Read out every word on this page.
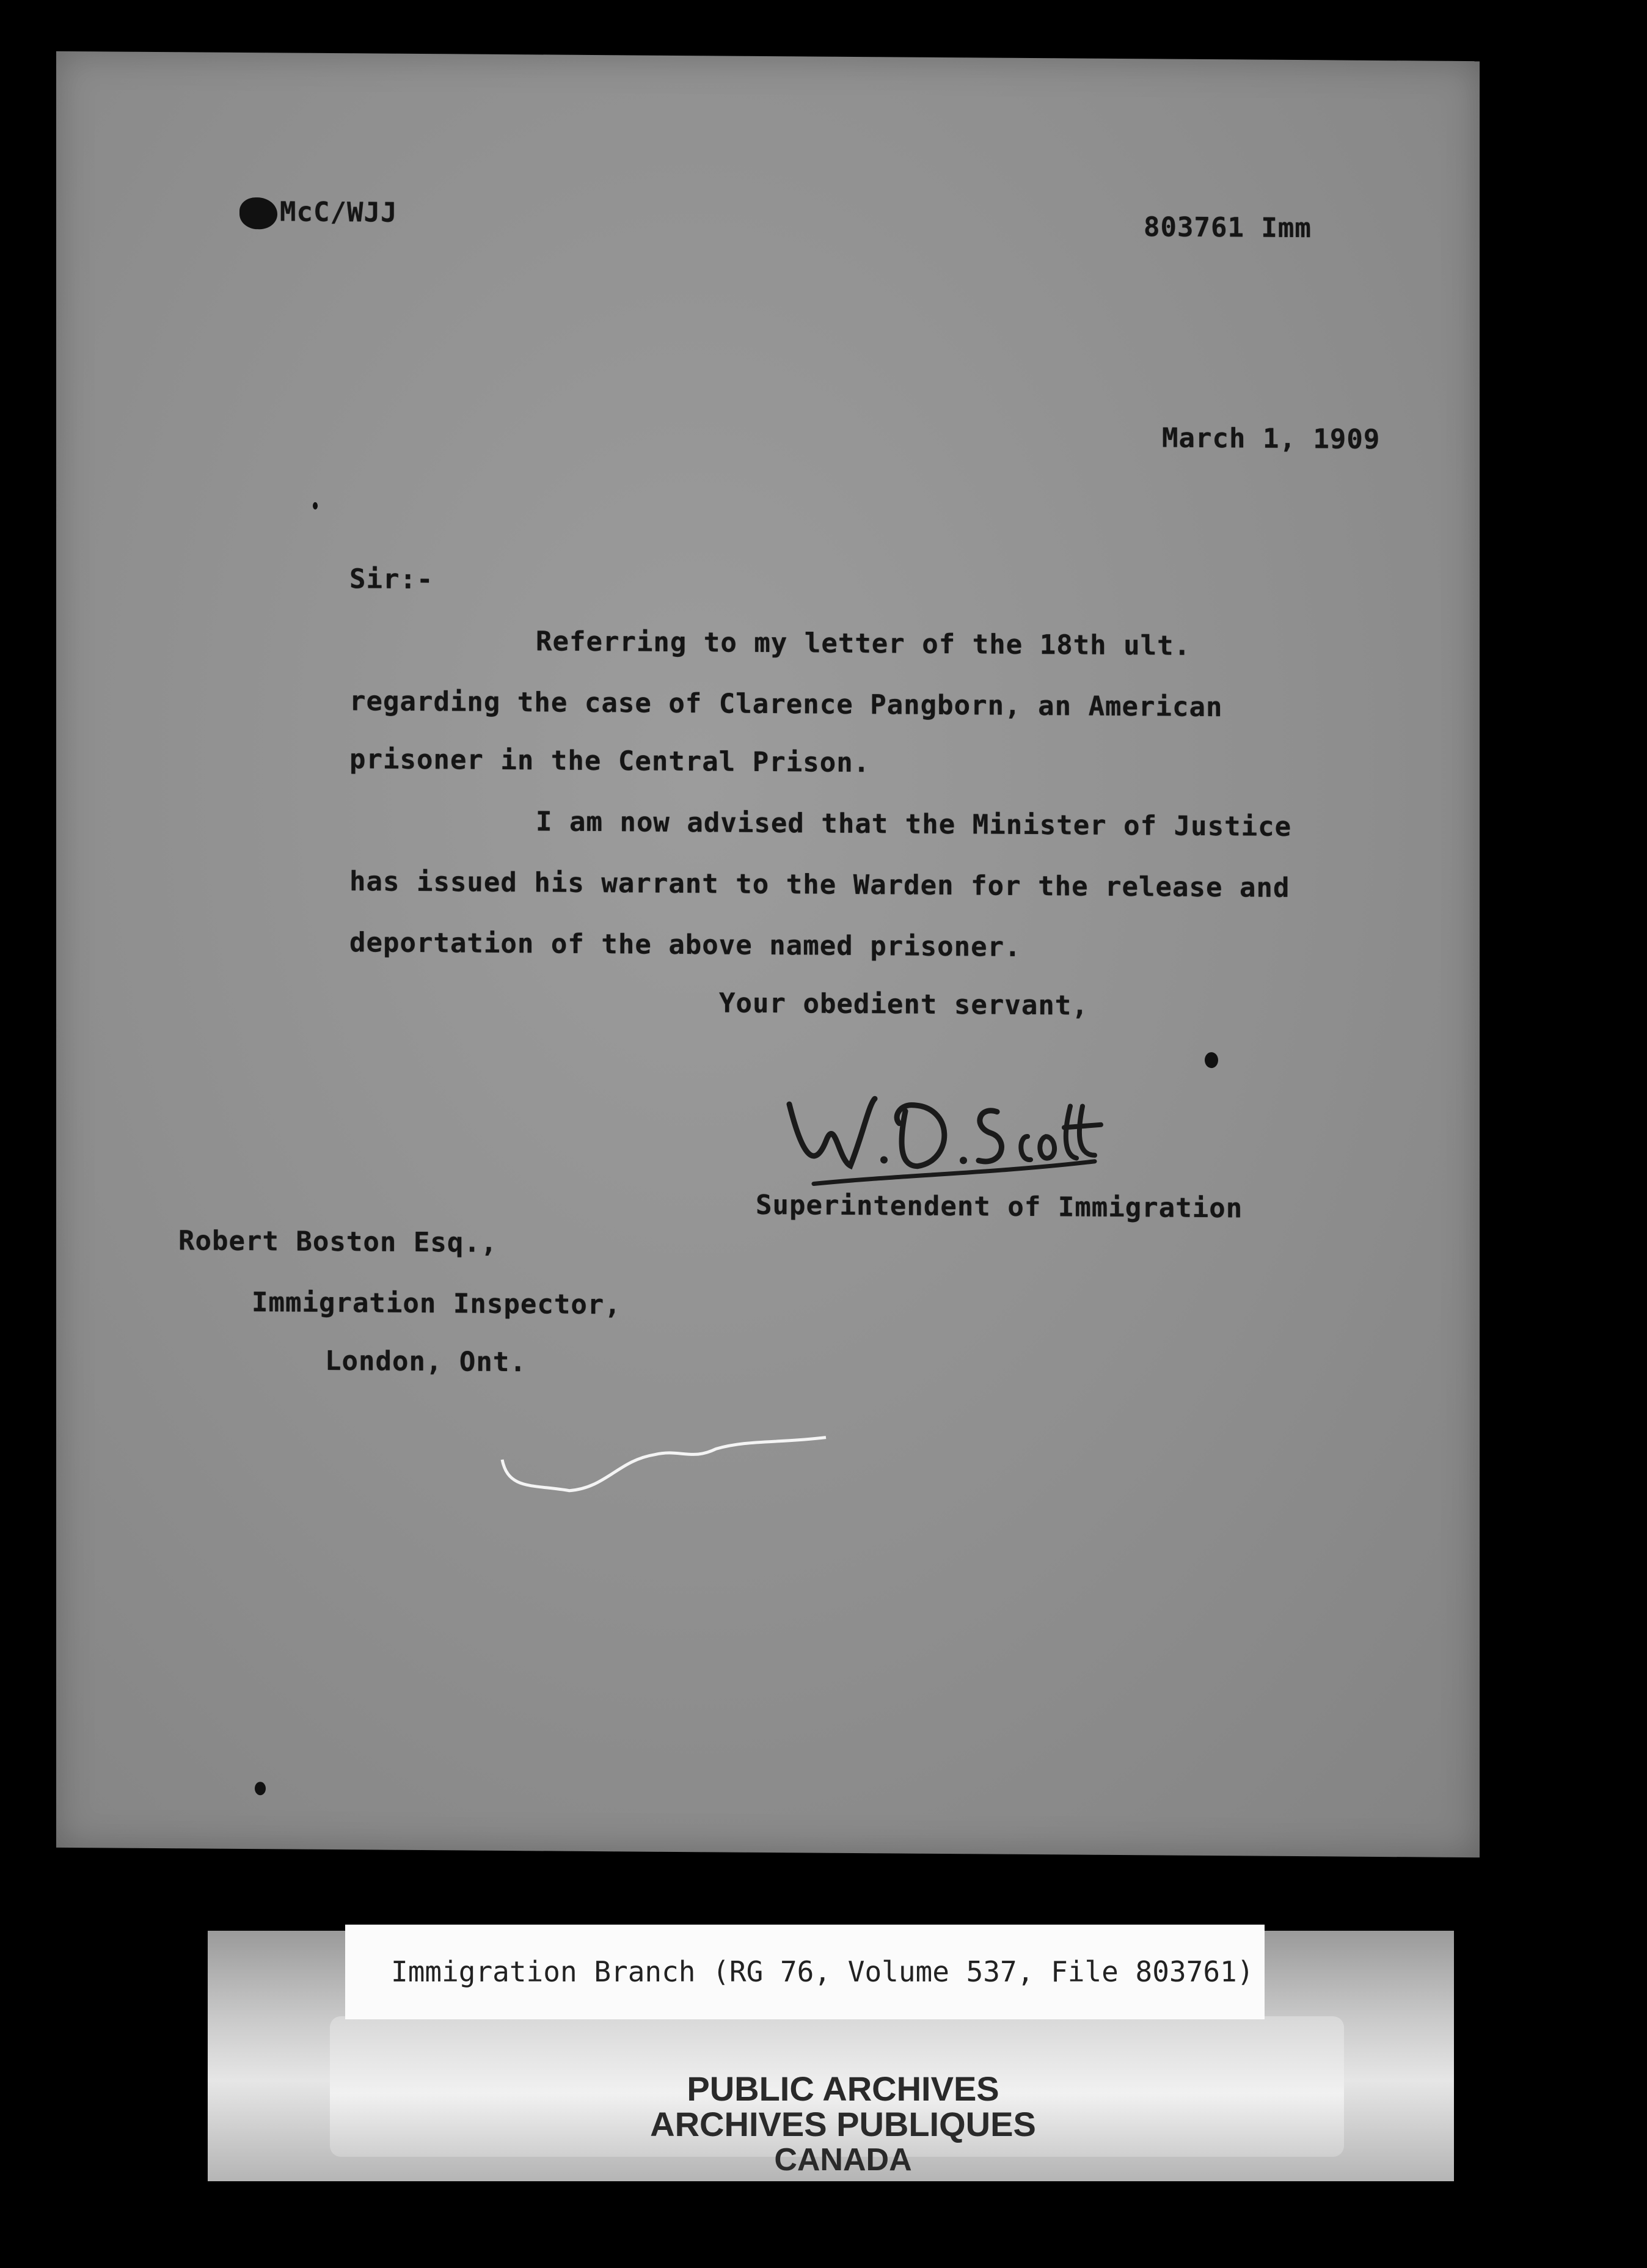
McC/WJJ	803761 Imm
March 1, 1909
Sir:-
Referring to my letter of the 18th ult.
regarding the case of Clarence Pangborn, an American
prisoner in the Central Prison.
I am now advised that the Minister of Justice
has issued his warrant to the Warden for the release and
deportation of the above named prisoner.
Your obedient servant,
Superintendent of Immigration
Robert Boston Esq.,
Immigration Inspector,
London, Ont.
Immigration Branch (RG 76, Volume 537, File 803761)
PUBLIC ARCHIVES
ARCHIVES PUBLIQUES
CANADA
